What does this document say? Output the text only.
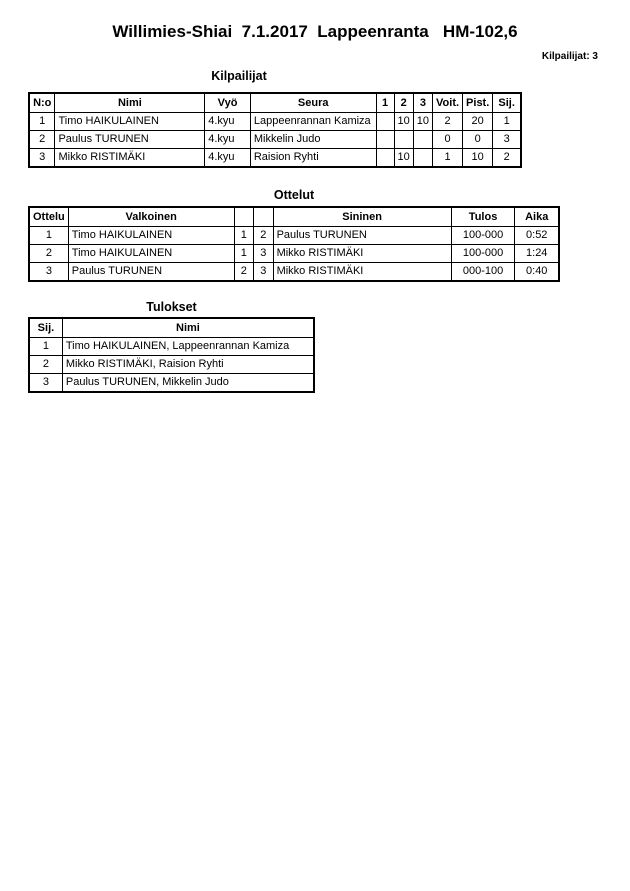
Willimies-Shiai  7.1.2017  Lappeenranta   HM-102,6
Kilpailijat: 3
Kilpailijat
N:o	Nimi	Vyö	Seura	1	2	3	Voit.	Pist.	Sij.
1	Timo HAIKULAINEN	4.kyu	Lappeenrannan Kamiza		10	10	2	20	1
2	Paulus TURUNEN	4.kyu	Mikkelin Judo				0	0	3
3	Mikko RISTIMÄKI	4.kyu	Raision Ryhti		10		1	10	2
Ottelut
Ottelu	Valkoinen			Sininen	Tulos	Aika
1	Timo HAIKULAINEN	1	2	Paulus TURUNEN	100-000	0:52
2	Timo HAIKULAINEN	1	3	Mikko RISTIMÄKI	100-000	1:24
3	Paulus TURUNEN	2	3	Mikko RISTIMÄKI	000-100	0:40
Tulokset
Sij.	Nimi
1	Timo HAIKULAINEN, Lappeenrannan Kamiza
2	Mikko RISTIMÄKI, Raision Ryhti
3	Paulus TURUNEN, Mikkelin Judo
